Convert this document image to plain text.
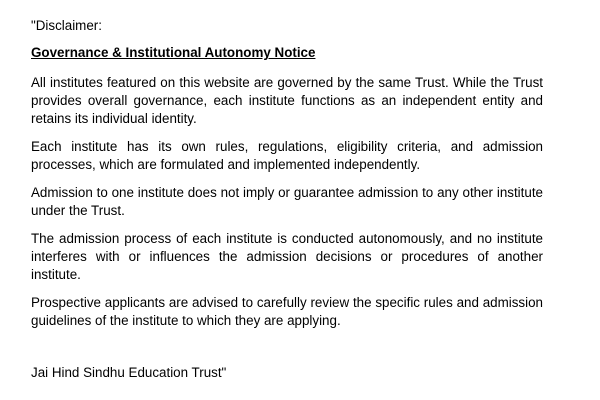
"Disclaimer:

Governance & Institutional Autonomy Notice

All institutes featured on this website are governed by the same Trust. While the Trust provides overall governance, each institute functions as an independent entity and retains its individual identity.

Each institute has its own rules, regulations, eligibility criteria, and admission processes, which are formulated and implemented independently.

Admission to one institute does not imply or guarantee admission to any other institute under the Trust.

The admission process of each institute is conducted autonomously, and no institute interferes with or influences the admission decisions or procedures of another institute.

Prospective applicants are advised to carefully review the specific rules and admission guidelines of the institute to which they are applying.

Jai Hind Sindhu Education Trust"
